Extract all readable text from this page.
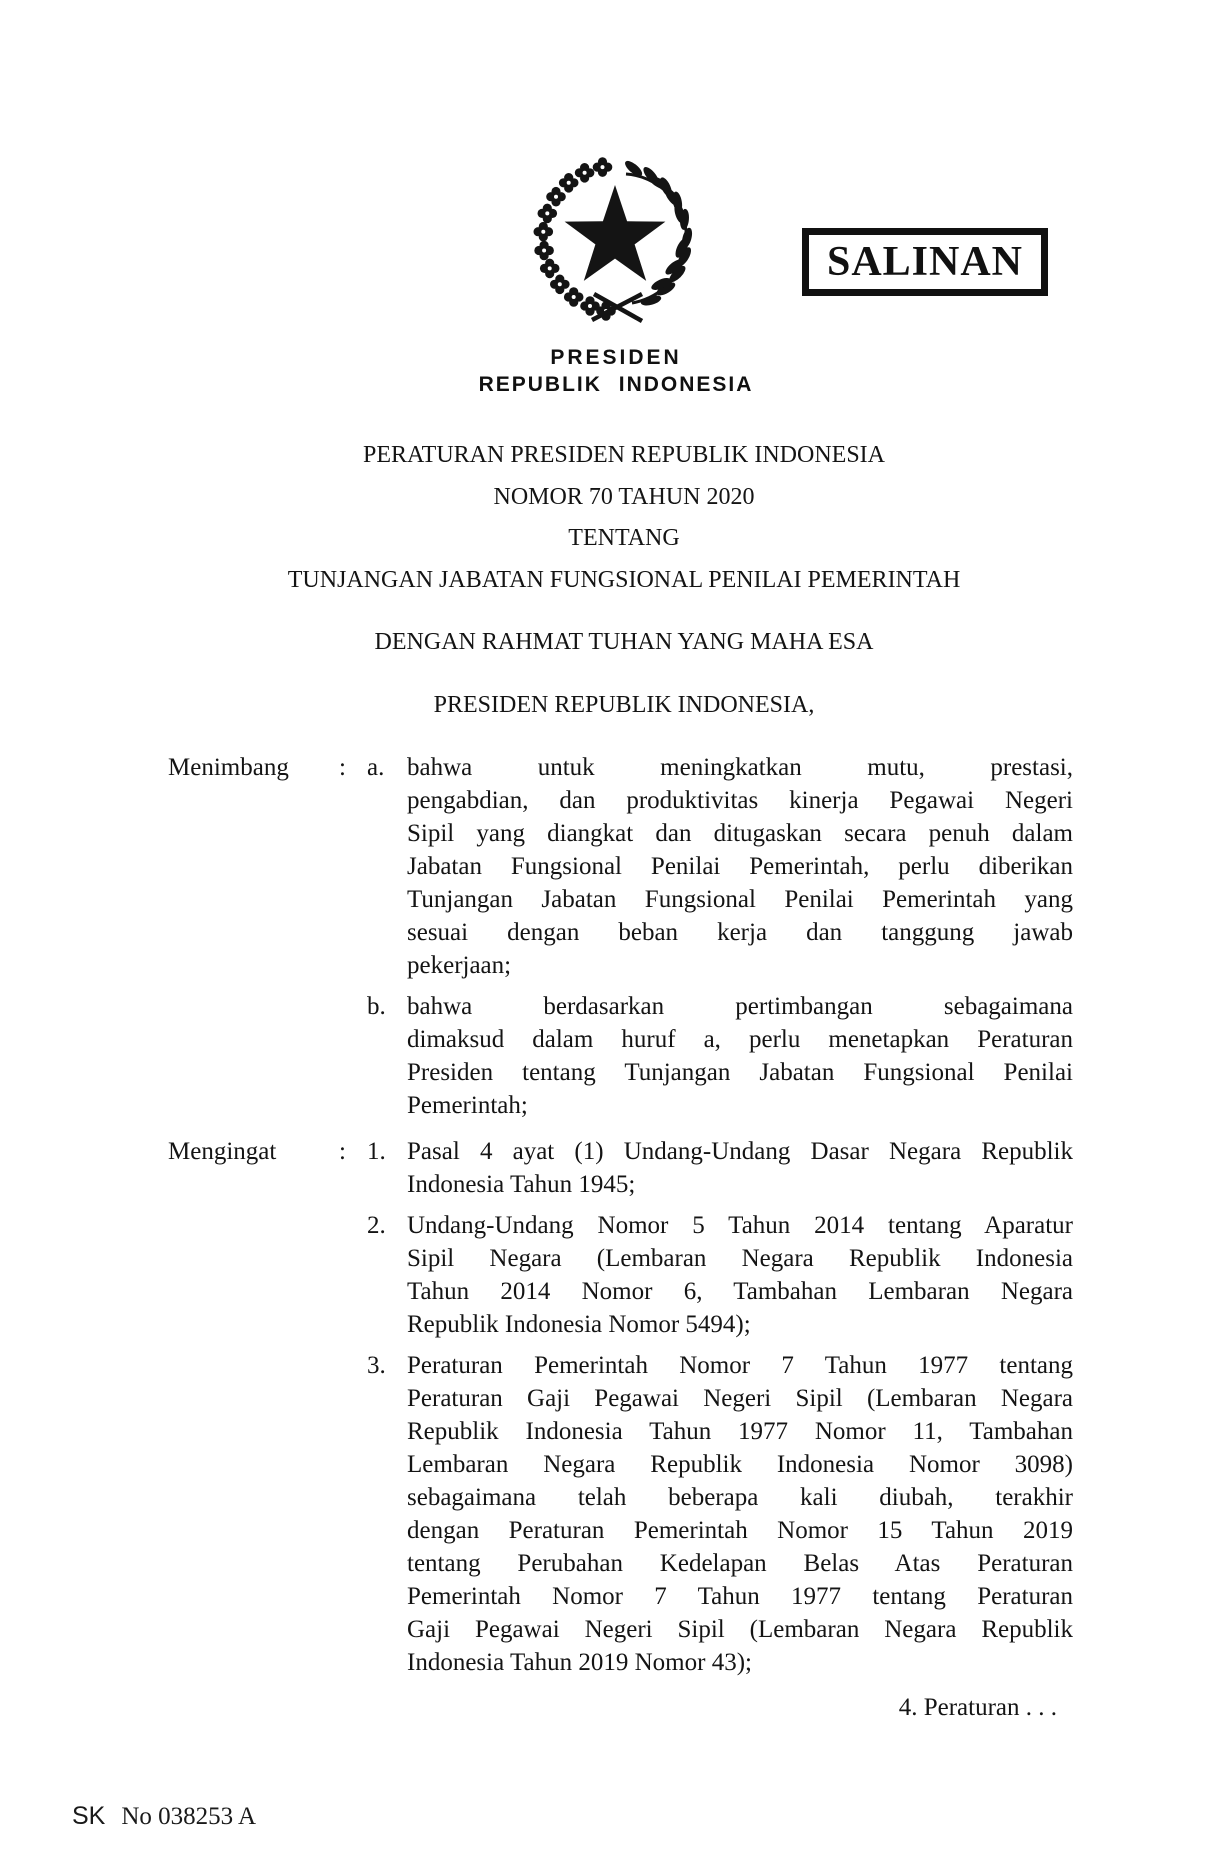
SALINAN
PRESIDEN
REPUBLIK INDONESIA
PERATURAN PRESIDEN REPUBLIK INDONESIA
NOMOR 70 TAHUN 2020
TENTANG
TUNJANGAN JABATAN FUNGSIONAL PENILAI PEMERINTAH
DENGAN RAHMAT TUHAN YANG MAHA ESA
PRESIDEN REPUBLIK INDONESIA,
Menimbang	: a. bahwa untuk meningkatkan mutu, prestasi,
pengabdian, dan produktivitas kinerja Pegawai Negeri
Sipil yang diangkat dan ditugaskan secara penuh dalam
Jabatan Fungsional Penilai Pemerintah, perlu diberikan
Tunjangan Jabatan Fungsional Penilai Pemerintah yang
sesuai dengan beban kerja dan tanggung jawab
pekerjaan;
b. bahwa berdasarkan pertimbangan sebagaimana
dimaksud dalam huruf a, perlu menetapkan Peraturan
Presiden tentang Tunjangan Jabatan Fungsional Penilai
Pemerintah;
Mengingat	: 1. Pasal 4 ayat (1) Undang-Undang Dasar Negara Republik
Indonesia Tahun 1945;
2. Undang-Undang Nomor 5 Tahun 2014 tentang Aparatur
Sipil Negara (Lembaran Negara Republik Indonesia
Tahun 2014 Nomor 6, Tambahan Lembaran Negara
Republik Indonesia Nomor 5494);
3. Peraturan Pemerintah Nomor 7 Tahun 1977 tentang
Peraturan Gaji Pegawai Negeri Sipil (Lembaran Negara
Republik Indonesia Tahun 1977 Nomor 11, Tambahan
Lembaran Negara Republik Indonesia Nomor 3098)
sebagaimana telah beberapa kali diubah, terakhir
dengan Peraturan Pemerintah Nomor 15 Tahun 2019
tentang Perubahan Kedelapan Belas Atas Peraturan
Pemerintah Nomor 7 Tahun 1977 tentang Peraturan
Gaji Pegawai Negeri Sipil (Lembaran Negara Republik
Indonesia Tahun 2019 Nomor 43);
4. Peraturan . . .
SK No 038253 A
